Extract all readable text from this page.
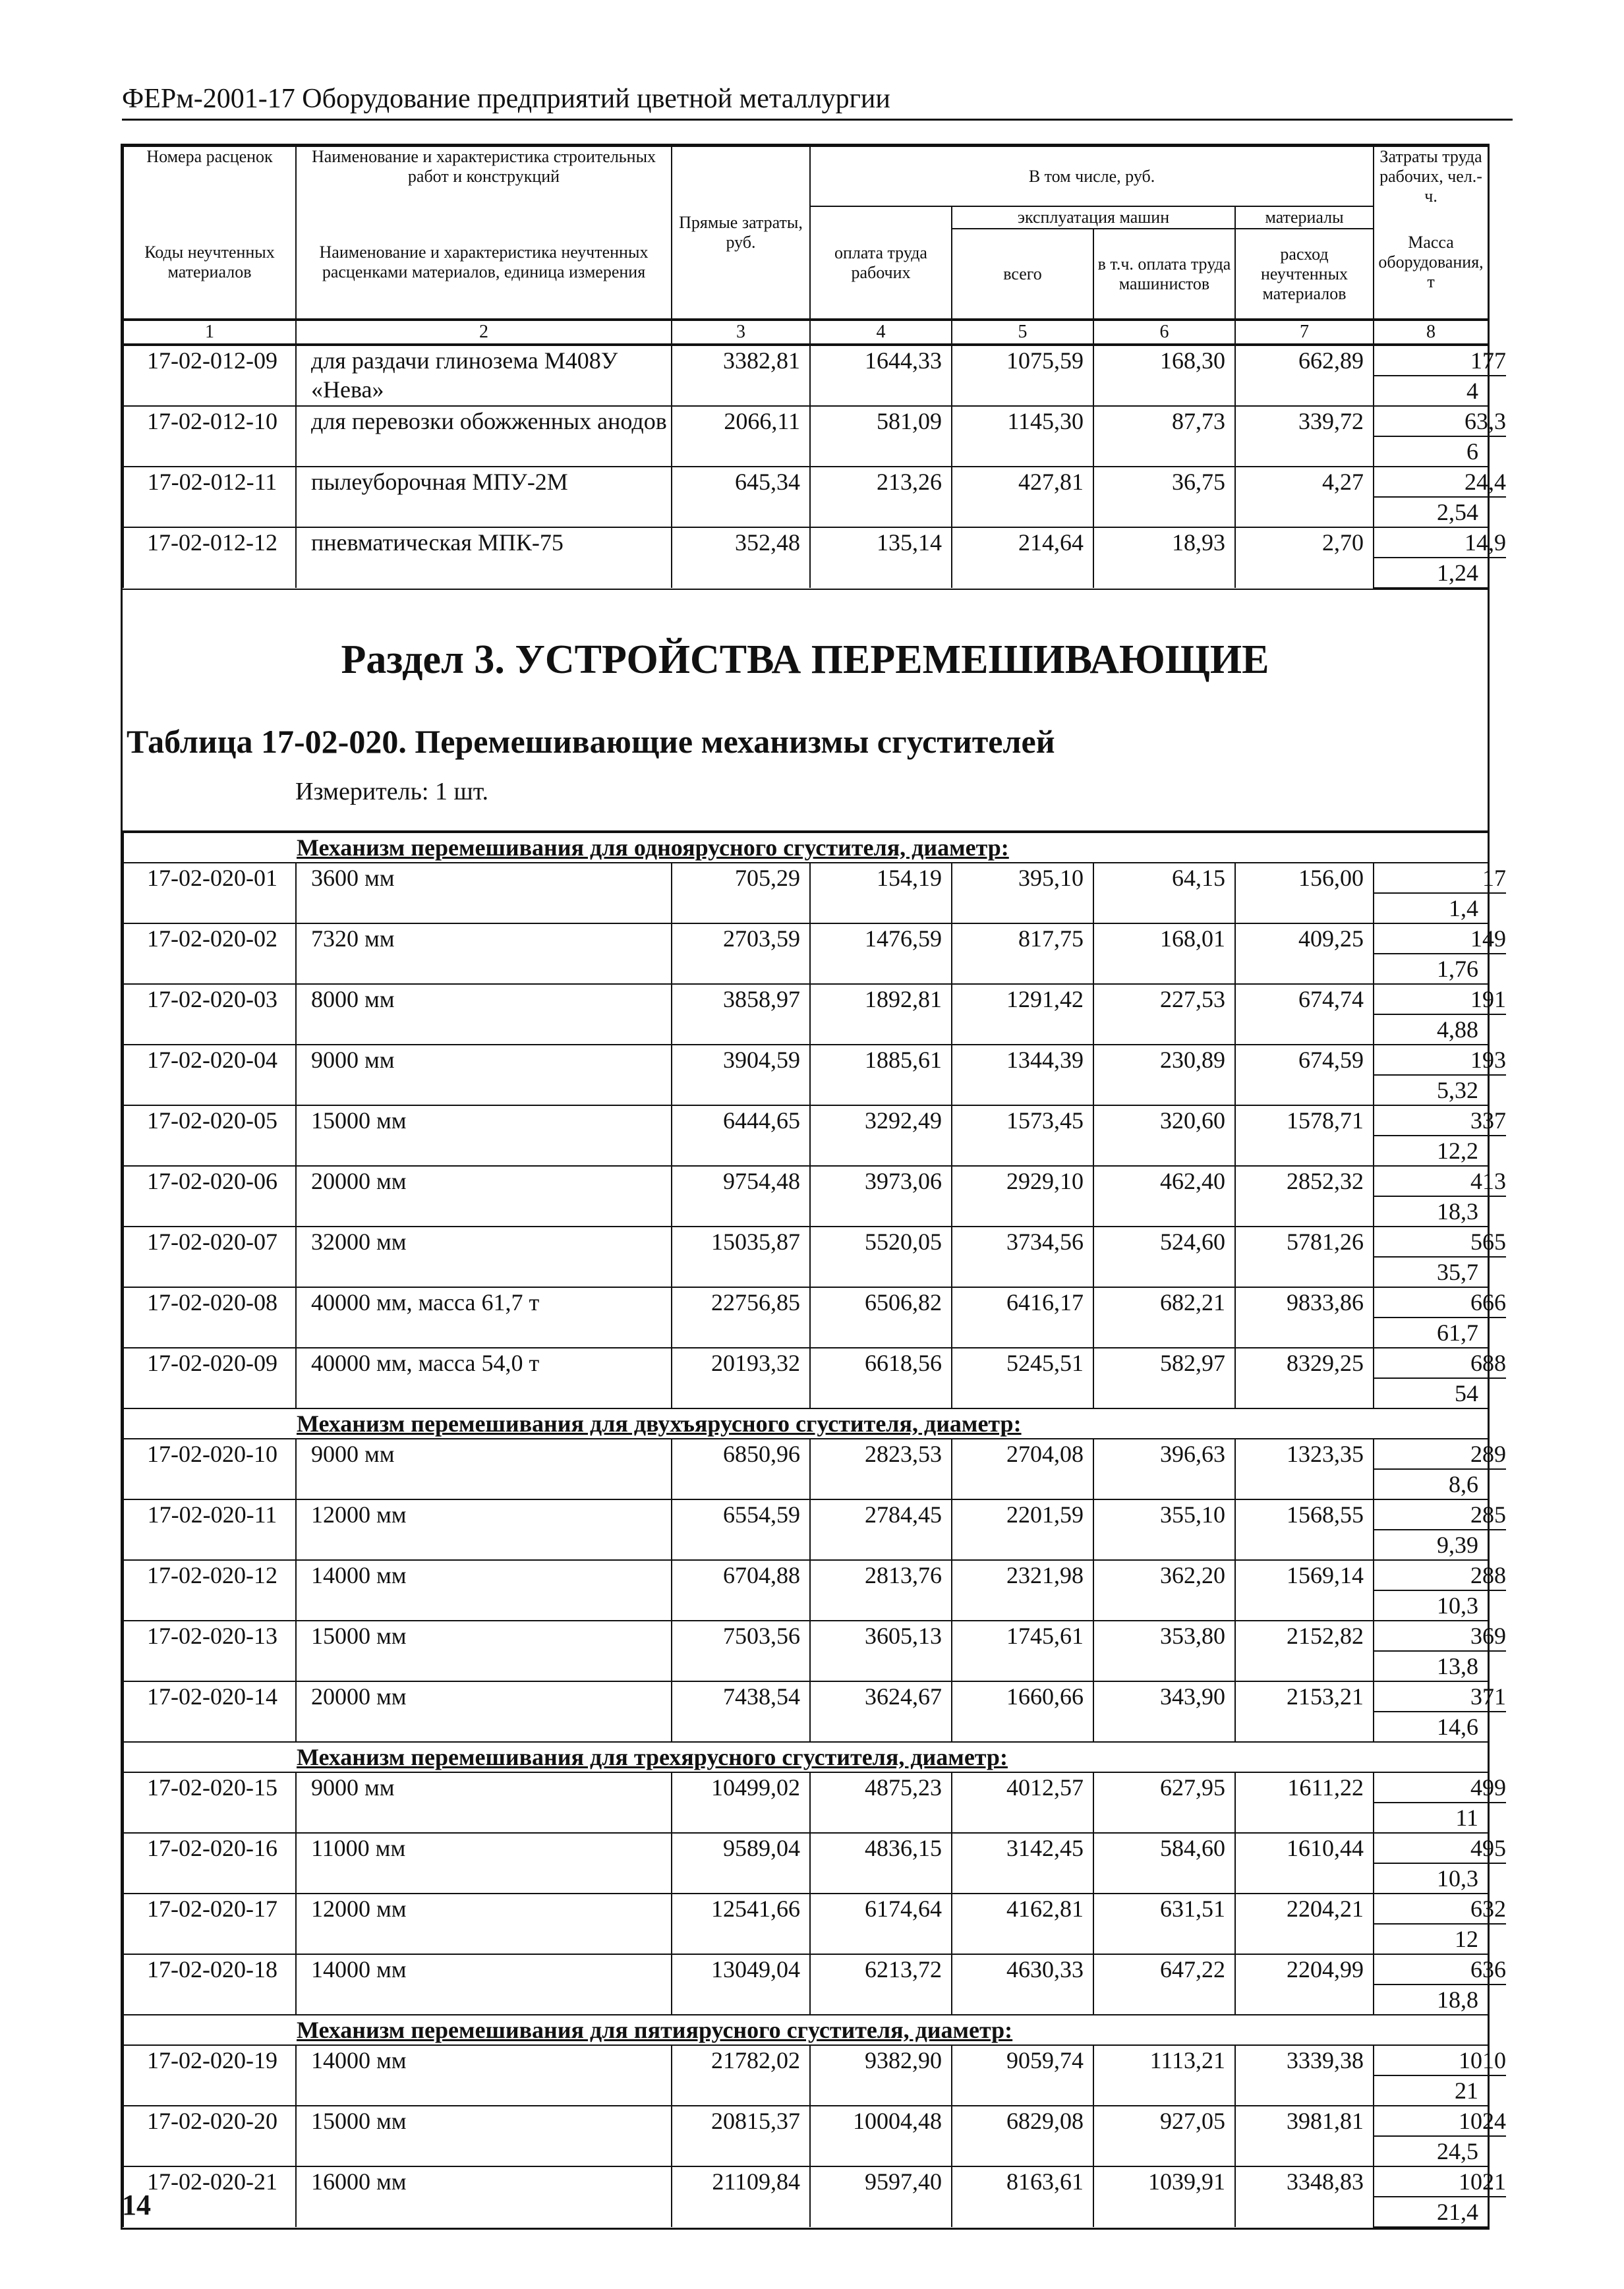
ФЕРм-2001-17 Оборудование предприятий цветной металлургии
Номера расценок	Наименование и характеристика строительных работ и конструкций	Прямые затраты, руб.	В том числе, руб.				Затраты труда рабочих, чел.-ч.
Коды неучтенных материалов	Наименование и характеристика неучтенных расценками материалов, единица измерения		оплата труда рабочих	эксплуатация машин		материалы	Масса оборудования, т
				всего	в т.ч. оплата труда машинистов	расход неучтенных материалов	
1	2	3	4	5	6	7	8
17-02-012-09	для раздачи глинозема М408У «Нева»	3382,81	1644,33	1075,59	168,30	662,89	177
							4
17-02-012-10	для перевозки обожженных анодов	2066,11	581,09	1145,30	87,73	339,72	63,3
							6
17-02-012-11	пылеуборочная МПУ-2М	645,34	213,26	427,81	36,75	4,27	24,4
							2,54
17-02-012-12	пневматическая МПК-75	352,48	135,14	214,64	18,93	2,70	14,9
							1,24
Раздел 3. УСТРОЙСТВА ПЕРЕМЕШИВАЮЩИЕ
Таблица 17-02-020. Перемешивающие механизмы сгустителей
Измеритель: 1 шт.
Механизм перемешивания для одноярусного сгустителя, диаметр:							
17-02-020-01	3600 мм	705,29	154,19	395,10	64,15	156,00	17
							1,4
17-02-020-02	7320 мм	2703,59	1476,59	817,75	168,01	409,25	149
							1,76
17-02-020-03	8000 мм	3858,97	1892,81	1291,42	227,53	674,74	191
							4,88
17-02-020-04	9000 мм	3904,59	1885,61	1344,39	230,89	674,59	193
							5,32
17-02-020-05	15000 мм	6444,65	3292,49	1573,45	320,60	1578,71	337
							12,2
17-02-020-06	20000 мм	9754,48	3973,06	2929,10	462,40	2852,32	413
							18,3
17-02-020-07	32000 мм	15035,87	5520,05	3734,56	524,60	5781,26	565
							35,7
17-02-020-08	40000 мм, масса 61,7 т	22756,85	6506,82	6416,17	682,21	9833,86	666
							61,7
17-02-020-09	40000 мм, масса 54,0 т	20193,32	6618,56	5245,51	582,97	8329,25	688
							54
Механизм перемешивания для двухъярусного сгустителя, диаметр:							
17-02-020-10	9000 мм	6850,96	2823,53	2704,08	396,63	1323,35	289
							8,6
17-02-020-11	12000 мм	6554,59	2784,45	2201,59	355,10	1568,55	285
							9,39
17-02-020-12	14000 мм	6704,88	2813,76	2321,98	362,20	1569,14	288
							10,3
17-02-020-13	15000 мм	7503,56	3605,13	1745,61	353,80	2152,82	369
							13,8
17-02-020-14	20000 мм	7438,54	3624,67	1660,66	343,90	2153,21	371
							14,6
Механизм перемешивания для трехярусного сгустителя, диаметр:							
17-02-020-15	9000 мм	10499,02	4875,23	4012,57	627,95	1611,22	499
							11
17-02-020-16	11000 мм	9589,04	4836,15	3142,45	584,60	1610,44	495
							10,3
17-02-020-17	12000 мм	12541,66	6174,64	4162,81	631,51	2204,21	632
							12
17-02-020-18	14000 мм	13049,04	6213,72	4630,33	647,22	2204,99	636
							18,8
Механизм перемешивания для пятиярусного сгустителя, диаметр:							
17-02-020-19	14000 мм	21782,02	9382,90	9059,74	1113,21	3339,38	1010
							21
17-02-020-20	15000 мм	20815,37	10004,48	6829,08	927,05	3981,81	1024
							24,5
17-02-020-21	16000 мм	21109,84	9597,40	8163,61	1039,91	3348,83	1021
							21,4
14
